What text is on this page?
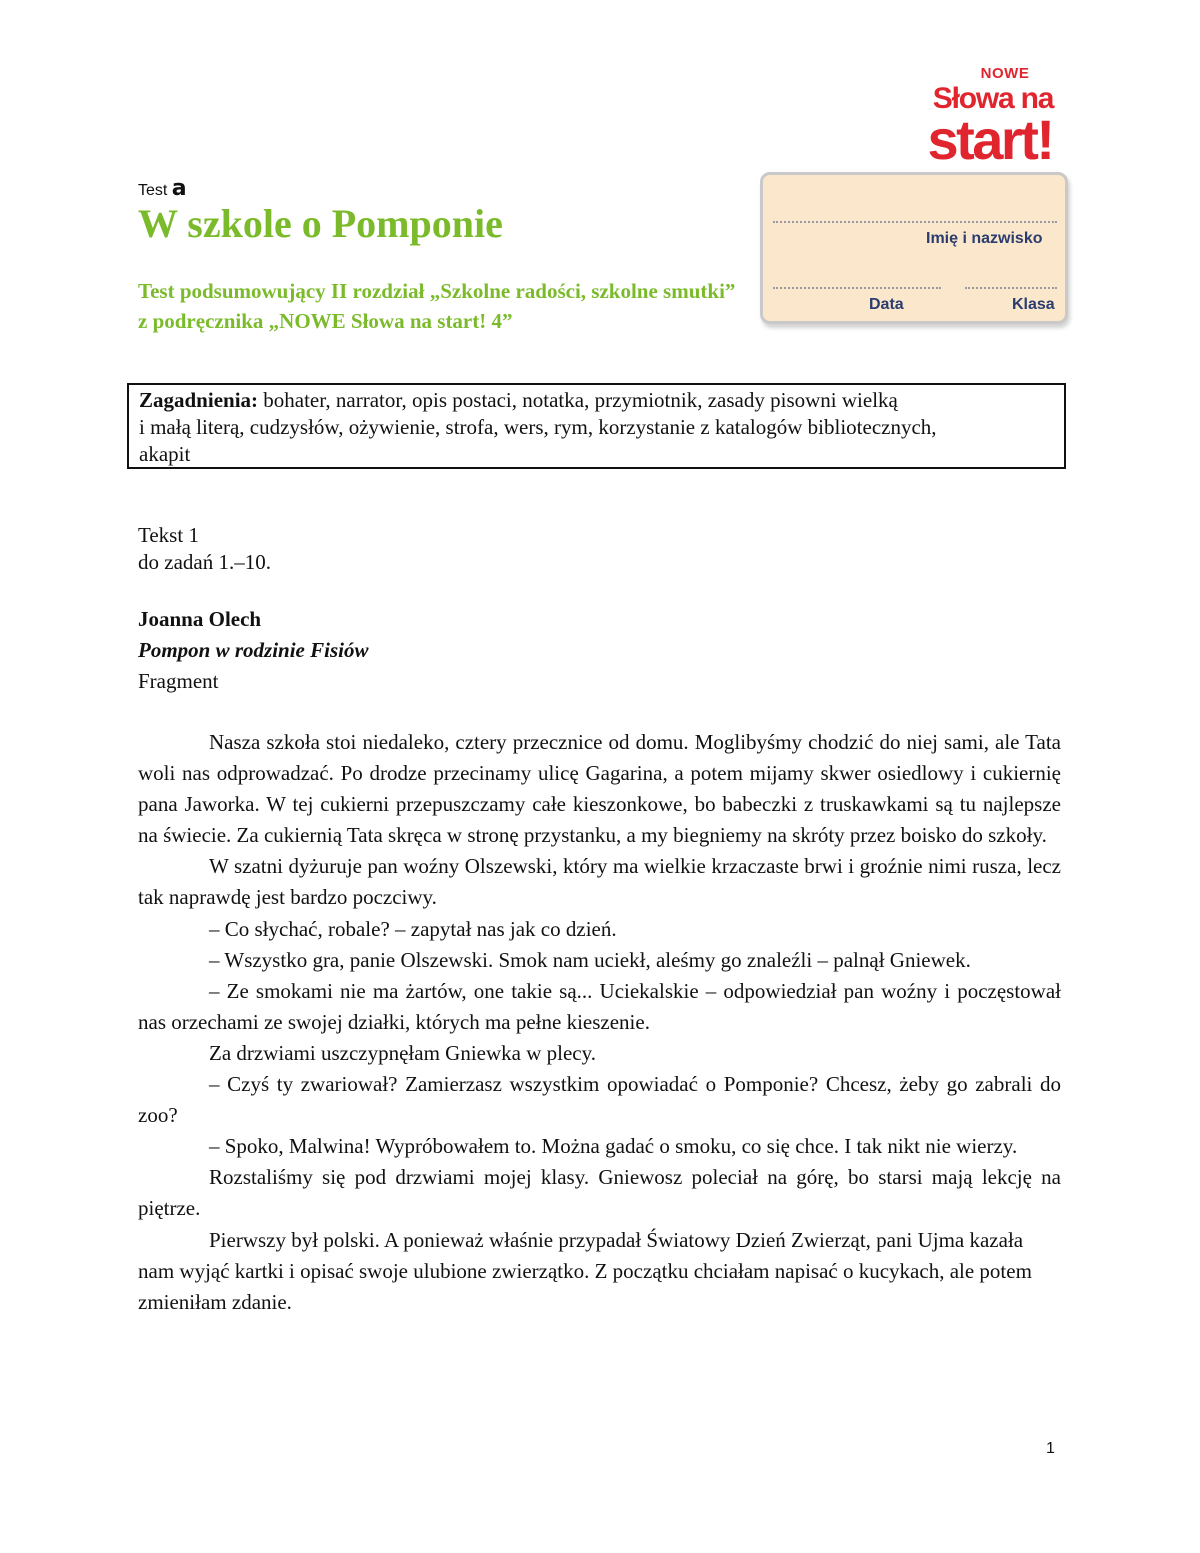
NOWE
Słowa na
start!
Imię i nazwisko
Data	Klasa
Test a
W szkole o Pomponie
Test podsumowujący II rozdział „Szkolne radości, szkolne smutki” z podręcznika „NOWE Słowa na start! 4”
Zagadnienia: bohater, narrator, opis postaci, notatka, przymiotnik, zasady pisowni wielką
i małą literą, cudzysłów, ożywienie, strofa, wers, rym, korzystanie z katalogów bibliotecznych,
akapit
Tekst 1
do zadań 1.–10.
Joanna Olech
Pompon w rodzinie Fisiów
Fragment

Nasza szkoła stoi niedaleko, cztery przecznice od domu. Moglibyśmy chodzić do niej sami, ale Tata woli nas odprowadzać. Po drodze przecinamy ulicę Gagarina, a potem mijamy skwer osiedlowy i cukiernię pana Jaworka. W tej cukierni przepuszczamy całe kieszonkowe, bo babeczki z truskawkami są tu najlepsze na świecie. Za cukiernią Tata skręca w stronę przystanku, a my biegniemy na skróty przez boisko do szkoły.

W szatni dyżuruje pan woźny Olszewski, który ma wielkie krzaczaste brwi i groźnie nimi rusza, lecz tak naprawdę jest bardzo poczciwy.

– Co słychać, robale? – zapytał nas jak co dzień.

– Wszystko gra, panie Olszewski. Smok nam uciekł, aleśmy go znaleźli – palnął Gniewek.

– Ze smokami nie ma żartów, one takie są... Uciekalskie – odpowiedział pan woźny i poczęstował nas orzechami ze swojej działki, których ma pełne kieszenie.

Za drzwiami uszczypnęłam Gniewka w plecy.

– Czyś ty zwariował? Zamierzasz wszystkim opowiadać o Pomponie? Chcesz, żeby go zabrali do zoo?

– Spoko, Malwina! Wypróbowałem to. Można gadać o smoku, co się chce. I tak nikt nie wierzy.

Rozstaliśmy się pod drzwiami mojej klasy. Gniewosz poleciał na górę, bo starsi mają lekcję na piętrze.

Pierwszy był polski. A ponieważ właśnie przypadał Światowy Dzień Zwierząt, pani Ujma kazała nam wyjąć kartki i opisać swoje ulubione zwierzątko. Z początku chciałam napisać o kucykach, ale potem zmieniłam zdanie.

1
